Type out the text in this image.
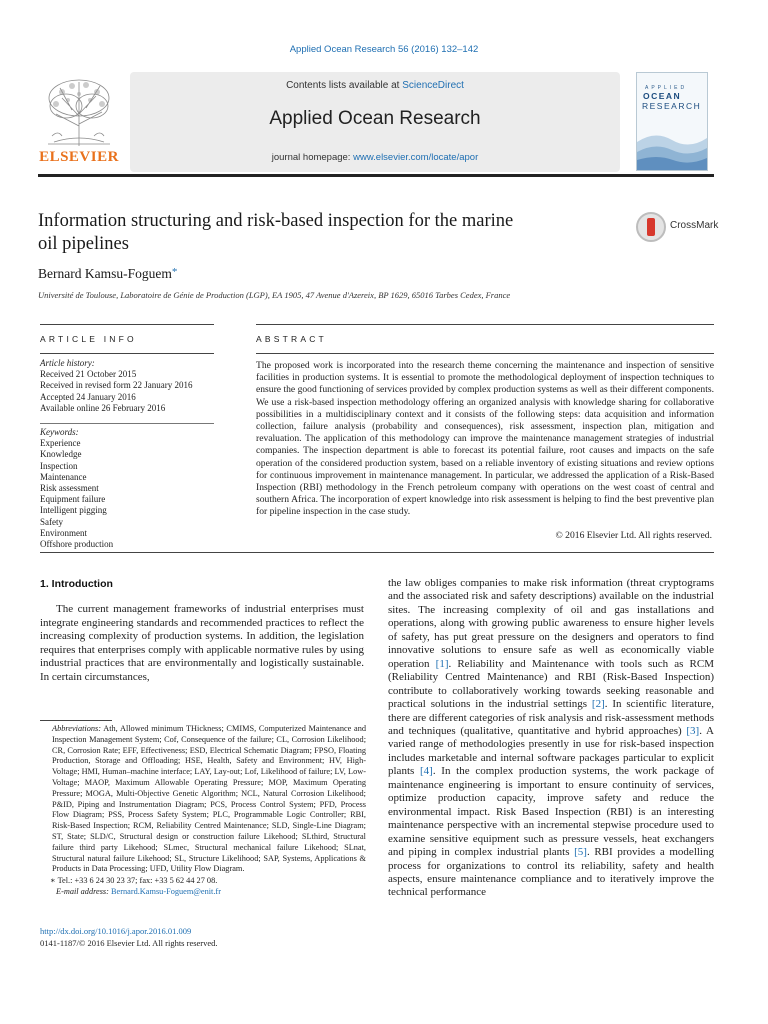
Applied Ocean Research 56 (2016) 132–142
ELSEVIER
Contents lists available at ScienceDirect
Applied Ocean Research
journal homepage: www.elsevier.com/locate/apor
APPLIED
OCEAN
RESEARCH
Information structuring and risk-based inspection for the marine
oil pipelines
CrossMark
Bernard Kamsu-Foguem*
Université de Toulouse, Laboratoire de Génie de Production (LGP), EA 1905, 47 Avenue d'Azereix, BP 1629, 65016 Tarbes Cedex, France
ARTICLE INFO	ABSTRACT
Article history:
Received 21 October 2015
Received in revised form 22 January 2016
Accepted 24 January 2016
Available online 26 February 2016
Keywords:
Experience
Knowledge
Inspection
Maintenance
Risk assessment
Equipment failure
Intelligent pigging
Safety
Environment
Offshore production
The proposed work is incorporated into the research theme concerning the maintenance and inspection of sensitive facilities in production systems. It is essential to promote the methodological deployment of inspection techniques to ensure the good functioning of services provided by complex production systems as well as their different components. We use a risk-based inspection methodology offering an organized analysis with knowledge sharing for collaborative possibilities in a multidisciplinary context and it consists of the following steps: data acquisition and information collection, failure analysis (probability and consequences), risk assessment, inspection plan, mitigation and revaluation. The application of this methodology can improve the maintenance management strategies of industrial companies. The inspection department is able to forecast its potential failure, root causes and impacts on the safe operation of the considered production system, based on a reliable inventory of existing situations and review options for continuous improvement in maintenance management. In particular, we addressed the application of a Risk-Based Inspection (RBI) methodology in the French petroleum company with operations on the west coast of central and southern Africa. The incorporation of expert knowledge into risk assessment is helping to find the best preventive plan for pipeline inspection in the case study.
© 2016 Elsevier Ltd. All rights reserved.
1. Introduction
The current management frameworks of industrial enterprises must integrate engineering standards and recommended practices to reflect the increasing complexity of production systems. In addition, the legislation requires that enterprises comply with applicable normative rules by using industrial practices that are environmentally and logistically sustainable. In certain circumstances,
the law obliges companies to make risk information (threat cryptograms and the associated risk and safety descriptions) available on the industrial sites. The increasing complexity of oil and gas installations and operations, along with growing public awareness to ensure higher levels of safety, has put great pressure on the designers and operators to find innovative solutions to ensure safe as well as economically viable operation [1]. Reliability and Maintenance with tools such as RCM (Reliability Centred Maintenance) and RBI (Risk-Based Inspection) contribute to collaboratively working towards seeking reasonable and practical solutions in the industrial settings [2]. In scientific literature, there are different categories of risk analysis and risk-assessment methods and techniques (qualitative, quantitative and hybrid approaches) [3]. A varied range of methodologies presently in use for risk-based inspection includes marketable and internal software packages particular to explicit plants [4]. In the complex production systems, the work package of maintenance engineering is important to ensure continuity of services, optimize production capacity, improve safety and reduce the environmental impact. Risk Based Inspection (RBI) is an interesting maintenance perspective with an incremental stepwise procedure used to examine sensitive equipment such as pressure vessels, heat exchangers and piping in complex industrial plants [5]. RBI provides a modelling process for organizations to control its reliability, safety and health aspects, ensure maintenance compliance and to iteratively improve the technical performance
Abbreviations: Ath, Allowed minimum THickness; CMIMS, Computerized Maintenance and Inspection Management System; Cof, Consequence of the failure; CL, Corrosion Likelihood; CR, Corrosion Rate; EFF, Effectiveness; ESD, Electrical Schematic Diagram; FPSO, Floating Production, Storage and Offloading; HSE, Health, Safety and Environment; HV, High-Voltage; HMI, Human–machine interface; LAY, Lay-out; Lof, Likelihood of failure; LV, Low-Voltage; MAOP, Maximum Allowable Operating Pressure; MOP, Maximum Operating Pressure; MOGA, Multi-Objective Genetic Algorithm; NCL, Natural Corrosion Likelihood; P&ID, Piping and Instrumentation Diagram; PCS, Process Control System; PFD, Process Flow Diagram; PSS, Process Safety System; PLC, Programmable Logic Controller; RBI, Risk-Based Inspection; RCM, Reliability Centred Maintenance; SLD, Single-Line Diagram; ST, State; SLD/C, Structural design or construction failure Likehood; SLthird, Structural failure third party Likehood; SLmec, Structural mechanical failure Likehood; SLnat, Structural natural failure Likehood; SL, Structure Likelihood; SAP, Systems, Applications & Products in Data Processing; UFD, Utility Flow Diagram.
∗ Tel.: +33 6 24 30 23 37; fax: +33 5 62 44 27 08.
E-mail address: Bernard.Kamsu-Foguem@enit.fr
http://dx.doi.org/10.1016/j.apor.2016.01.009
0141-1187/© 2016 Elsevier Ltd. All rights reserved.
